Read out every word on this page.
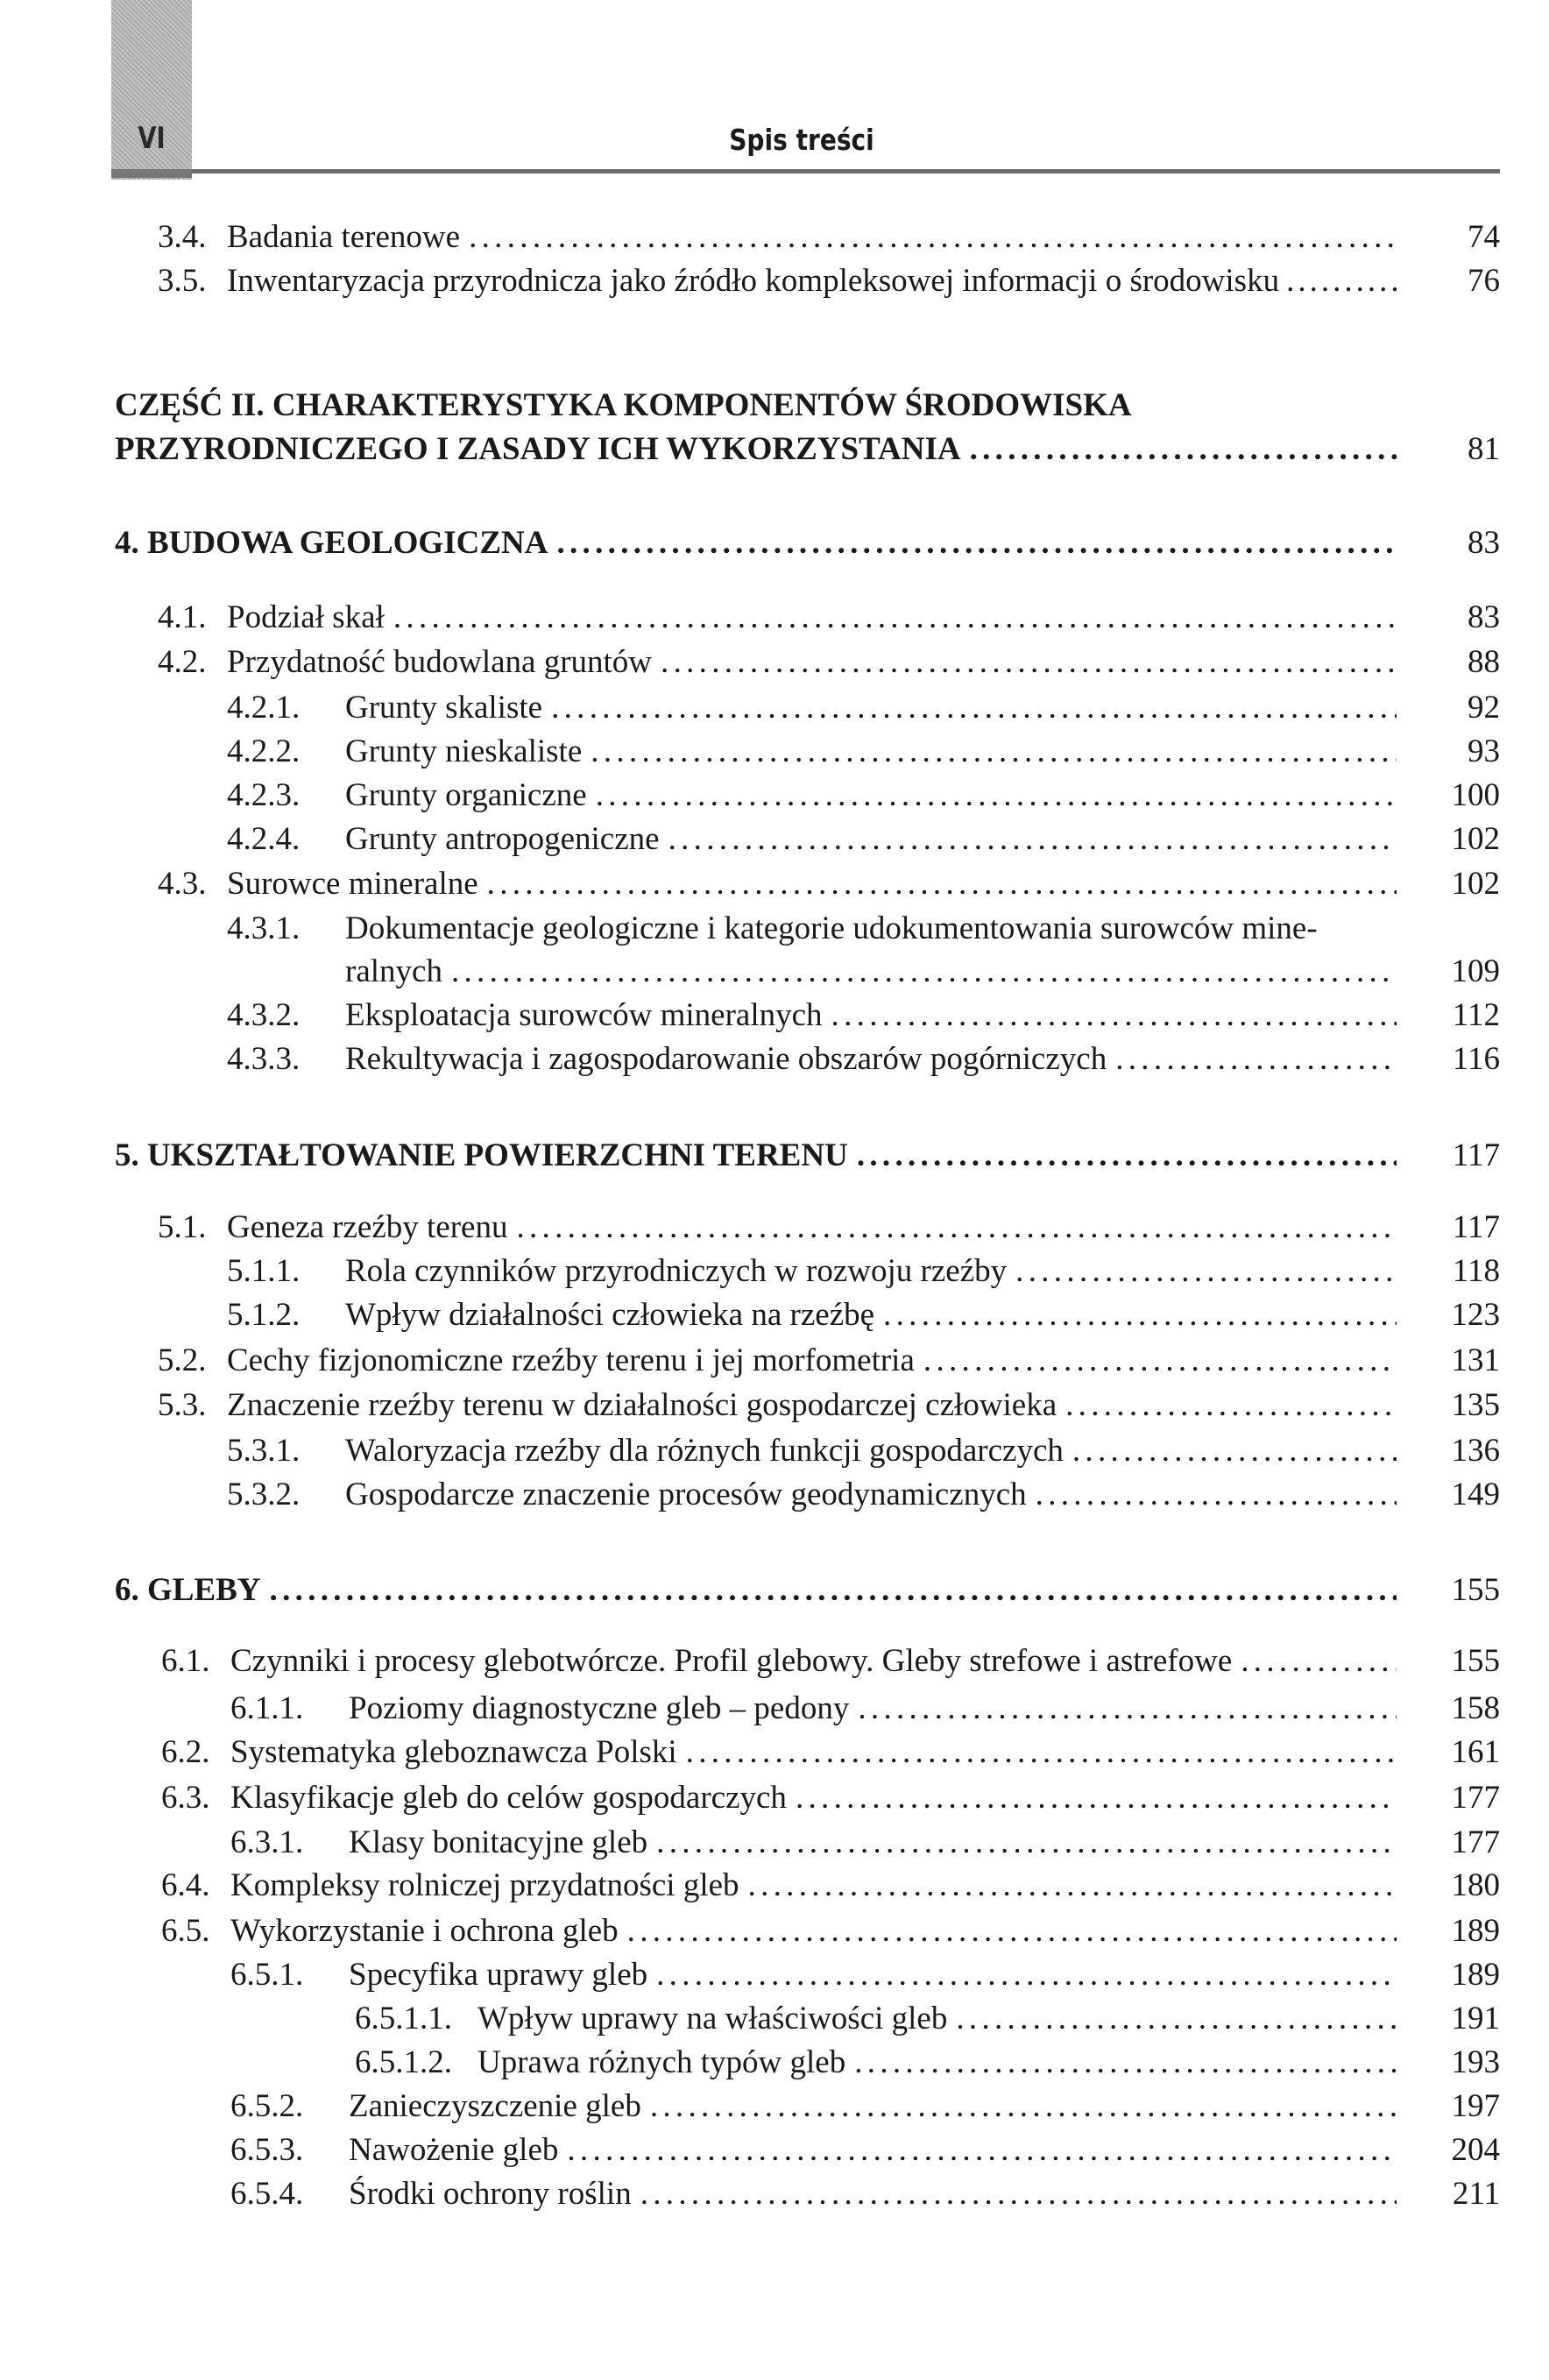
VI	Spis treści
3.4. Badania terenowe .....	74
3.5. Inwentaryzacja przyrodnicza jako źródło kompleksowej informacji o środowisku .....	76
CZĘŚĆ II. CHARAKTERYSTYKA KOMPONENTÓW ŚRODOWISKA
PRZYRODNICZEGO I ZASADY ICH WYKORZYSTANIA .....	81
4. BUDOWA GEOLOGICZNA .....	83
4.1. Podział skał .....	83
4.2. Przydatność budowlana gruntów .....	88
4.2.1. Grunty skaliste .....	92
4.2.2. Grunty nieskaliste .....	93
4.2.3. Grunty organiczne .....	100
4.2.4. Grunty antropogeniczne .....	102
4.3. Surowce mineralne .....	102
4.3.1. Dokumentacje geologiczne i kategorie udokumentowania surowców mine-
ralnych .....	109
4.3.2. Eksploatacja surowców mineralnych .....	112
4.3.3. Rekultywacja i zagospodarowanie obszarów pogórniczych .....	116
5. UKSZTAŁTOWANIE POWIERZCHNI TERENU .....	117
5.1. Geneza rzeźby terenu .....	117
5.1.1. Rola czynników przyrodniczych w rozwoju rzeźby .....	118
5.1.2. Wpływ działalności człowieka na rzeźbę .....	123
5.2. Cechy fizjonomiczne rzeźby terenu i jej morfometria .....	131
5.3. Znaczenie rzeźby terenu w działalności gospodarczej człowieka .....	135
5.3.1. Waloryzacja rzeźby dla różnych funkcji gospodarczych .....	136
5.3.2. Gospodarcze znaczenie procesów geodynamicznych .....	149
6. GLEBY .....	155
6.1. Czynniki i procesy glebotwórcze. Profil glebowy. Gleby strefowe i astrefowe .....	155
6.1.1. Poziomy diagnostyczne gleb – pedony .....	158
6.2. Systematyka gleboznawcza Polski .....	161
6.3. Klasyfikacje gleb do celów gospodarczych .....	177
6.3.1. Klasy bonitacyjne gleb .....	177
6.4. Kompleksy rolniczej przydatności gleb .....	180
6.5. Wykorzystanie i ochrona gleb .....	189
6.5.1. Specyfika uprawy gleb .....	189
6.5.1.1. Wpływ uprawy na właściwości gleb .....	191
6.5.1.2. Uprawa różnych typów gleb .....	193
6.5.2. Zanieczyszczenie gleb .....	197
6.5.3. Nawożenie gleb .....	204
6.5.4. Środki ochrony roślin .....	211
